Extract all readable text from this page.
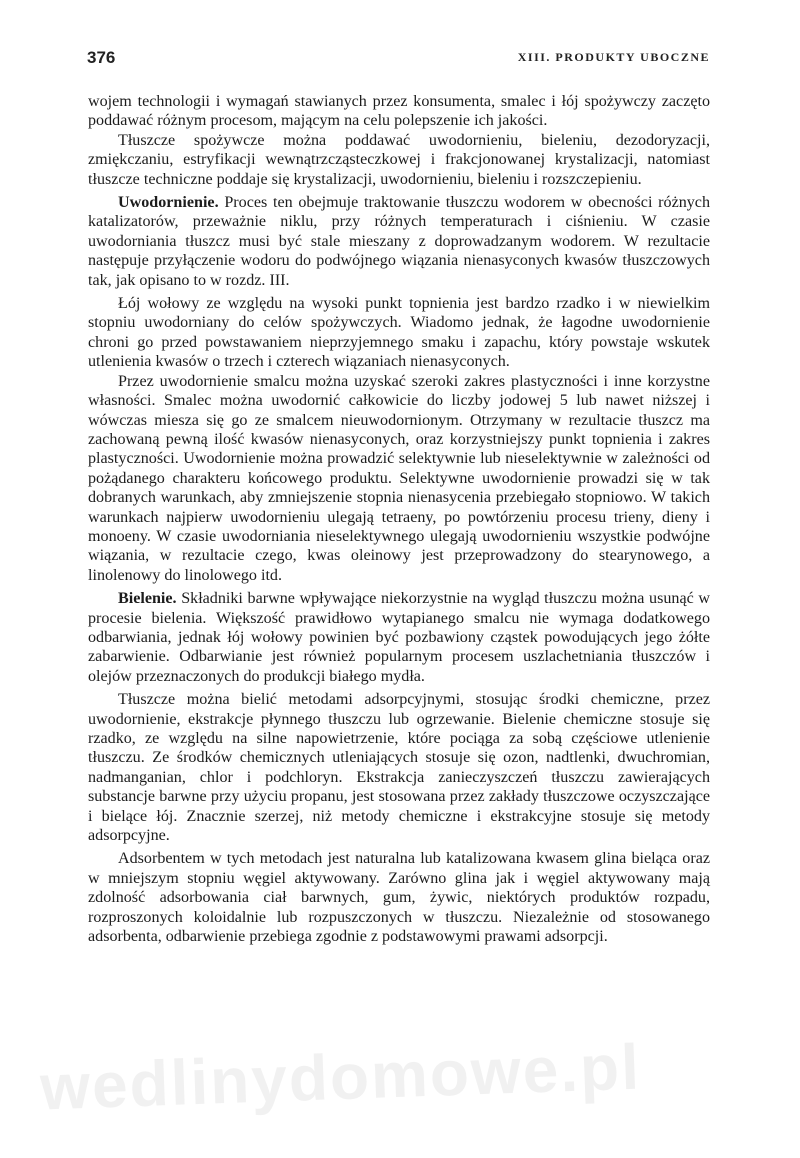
376	XIII. PRODUKTY UBOCZNE

wojem technologii i wymagań stawianych przez konsumenta, smalec i łój spożywczy zaczęto poddawać różnym procesom, mającym na celu polepszenie ich jakości.

Tłuszcze spożywcze można poddawać uwodornieniu, bieleniu, dezodoryzacji, zmiękczaniu, estryfikacji wewnątrzcząsteczkowej i frakcjonowanej krystalizacji, natomiast tłuszcze techniczne poddaje się krystalizacji, uwodornieniu, bieleniu i rozszczepieniu.

Uwodornienie. Proces ten obejmuje traktowanie tłuszczu wodorem w obecności różnych katalizatorów, przeważnie niklu, przy różnych temperaturach i ciśnieniu. W czasie uwodorniania tłuszcz musi być stale mieszany z doprowadzanym wodorem. W rezultacie następuje przyłączenie wodoru do podwójnego wiązania nienasyconych kwasów tłuszczowych tak, jak opisano to w rozdz. III.

Łój wołowy ze względu na wysoki punkt topnienia jest bardzo rzadko i w niewielkim stopniu uwodorniany do celów spożywczych. Wiadomo jednak, że łagodne uwodornienie chroni go przed powstawaniem nieprzyjemnego smaku i zapachu, który powstaje wskutek utlenienia kwasów o trzech i czterech wiązaniach nienasyconych.

Przez uwodornienie smalcu można uzyskać szeroki zakres plastyczności i inne korzystne własności. Smalec można uwodornić całkowicie do liczby jodowej 5 lub nawet niższej i wówczas miesza się go ze smalcem nieuwodornionym. Otrzymany w rezultacie tłuszcz ma zachowaną pewną ilość kwasów nienasyconych, oraz korzystniejszy punkt topnienia i zakres plastyczności. Uwodornienie można prowadzić selektywnie lub nieselektywnie w zależności od pożądanego charakteru końcowego produktu. Selektywne uwodornienie prowadzi się w tak dobranych warunkach, aby zmniejszenie stopnia nienasycenia przebiegało stopniowo. W takich warunkach najpierw uwodornieniu ulegają tetraeny, po powtórzeniu procesu trieny, dieny i monoeny. W czasie uwodorniania nieselektywnego ulegają uwodornieniu wszystkie podwójne wiązania, w rezultacie czego, kwas oleinowy jest przeprowadzony do stearynowego, a linolenowy do linolowego itd.

Bielenie. Składniki barwne wpływające niekorzystnie na wygląd tłuszczu można usunąć w procesie bielenia. Większość prawidłowo wytapianego smalcu nie wymaga dodatkowego odbarwiania, jednak łój wołowy powinien być pozbawiony cząstek powodujących jego żółte zabarwienie. Odbarwianie jest również popularnym procesem uszlachetniania tłuszczów i olejów przeznaczonych do produkcji białego mydła.

Tłuszcze można bielić metodami adsorpcyjnymi, stosując środki chemiczne, przez uwodornienie, ekstrakcje płynnego tłuszczu lub ogrzewanie. Bielenie chemiczne stosuje się rzadko, ze względu na silne napowietrzenie, które pociąga za sobą częściowe utlenienie tłuszczu. Ze środków chemicznych utleniających stosuje się ozon, nadtlenki, dwuchromian, nadmanganian, chlor i podchloryn. Ekstrakcja zanieczyszczeń tłuszczu zawierających substancje barwne przy użyciu propanu, jest stosowana przez zakłady tłuszczowe oczyszczające i bielące łój. Znacznie szerzej, niż metody chemiczne i ekstrakcyjne stosuje się metody adsorpcyjne.

Adsorbentem w tych metodach jest naturalna lub katalizowana kwasem glina bieląca oraz w mniejszym stopniu węgiel aktywowany. Zarówno glina jak i węgiel aktywowany mają zdolność adsorbowania ciał barwnych, gum, żywic, niektórych produktów rozpadu, rozproszonych koloidalnie lub rozpuszczonych w tłuszczu. Niezależnie od stosowanego adsorbenta, odbarwienie przebiega zgodnie z podstawowymi prawami adsorpcji.

wedlinydomowe.pl
